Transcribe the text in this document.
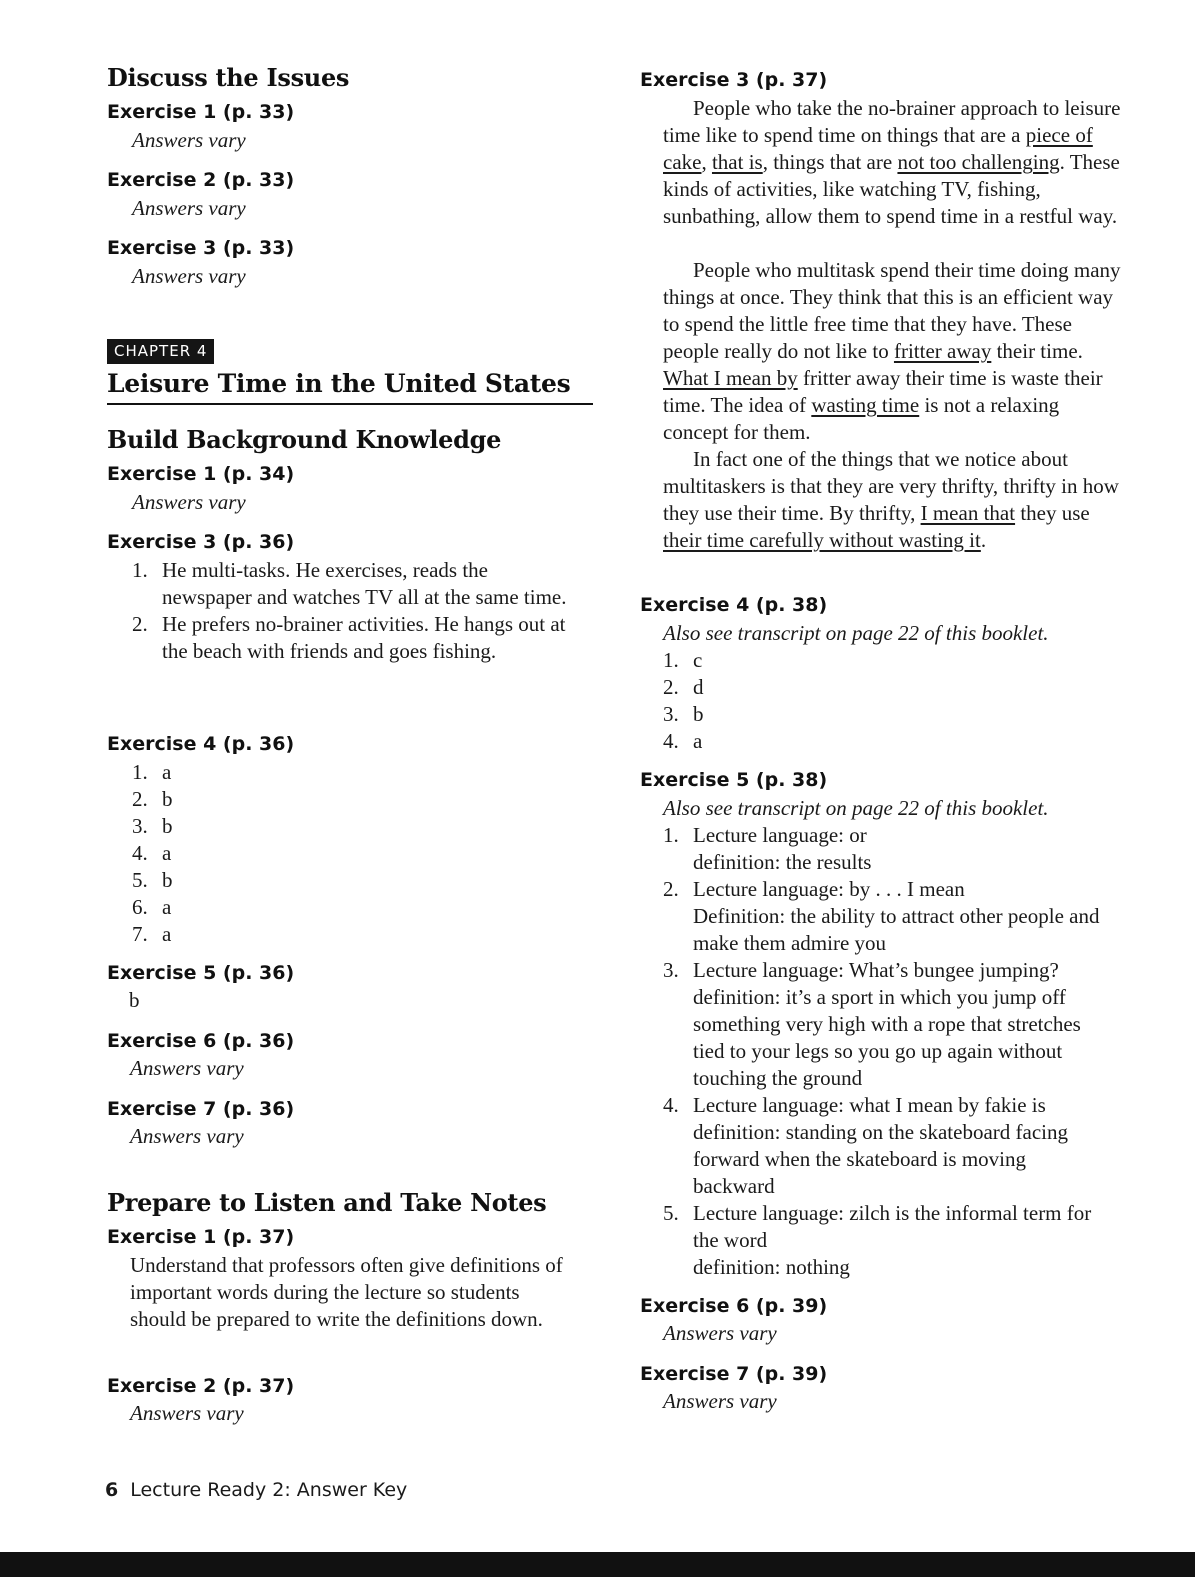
Discuss the Issues
Exercise 1 (p. 33)
Answers vary
Exercise 2 (p. 33)
Answers vary
Exercise 3 (p. 33)
Answers vary
CHAPTER 4
Leisure Time in the United States
Build Background Knowledge
Exercise 1 (p. 34)
Answers vary
Exercise 3 (p. 36)
1. He multi-tasks. He exercises, reads the newspaper and watches TV all at the same time.
2. He prefers no-brainer activities. He hangs out at the beach with friends and goes fishing.
Exercise 4 (p. 36)
1. a
2. b
3. b
4. a
5. b
6. a
7. a
Exercise 5 (p. 36)
b
Exercise 6 (p. 36)
Answers vary
Exercise 7 (p. 36)
Answers vary
Prepare to Listen and Take Notes
Exercise 1 (p. 37)

Understand that professors often give definitions of important words during the lecture so students should be prepared to write the definitions down.

Exercise 2 (p. 37)
Answers vary
Exercise 3 (p. 37)

People who take the no-brainer approach to leisure time like to spend time on things that are a piece of cake, that is, things that are not too challenging. These kinds of activities, like watching TV, fishing, sunbathing, allow them to spend time in a restful way.

People who multitask spend their time doing many things at once. They think that this is an efficient way to spend the little free time that they have. These people really do not like to fritter away their time. What I mean by fritter away their time is waste their time. The idea of wasting time is not a relaxing concept for them.

In fact one of the things that we notice about multitaskers is that they are very thrifty, thrifty in how they use their time. By thrifty, I mean that they use their time carefully without wasting it.

Exercise 4 (p. 38)
Also see transcript on page 22 of this booklet.
1. c
2. d
3. b
4. a
Exercise 5 (p. 38)
Also see transcript on page 22 of this booklet.
1. Lecture language: or
definition: the results
2. Lecture language: by . . . I mean
Definition: the ability to attract other people and make them admire you
3. Lecture language: What’s bungee jumping?
definition: it’s a sport in which you jump off something very high with a rope that stretches tied to your legs so you go up again without touching the ground
4. Lecture language: what I mean by fakie is
definition: standing on the skateboard facing forward when the skateboard is moving backward
5. Lecture language: zilch is the informal term for the word
definition: nothing
Exercise 6 (p. 39)
Answers vary
Exercise 7 (p. 39)
Answers vary
6 Lecture Ready 2: Answer Key
